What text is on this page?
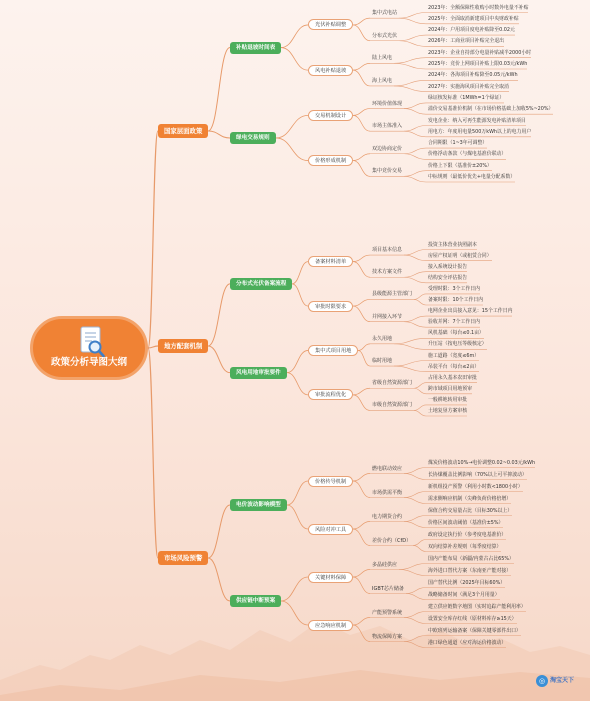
政策分析导图大纲
国家层面政策
2023年：全额保障性收购小时数外电量不补贴
2025年：全面取消新建项目中央财政补贴
集中式电站
2024年：户用项目度电补贴降至0.02元
2026年：工商业项目补贴完全退出
分布式光伏
光伏补贴调整
2023年：企业自持部分电量补贴减半2000小时
2025年：竞价上网项目补贴上限0.03元/kWh
陆上风电
2024年：各海项目补贴降至0.05元/kWh
2027年：实施海风项目补贴完全取消
海上风电
风电补贴退坡
补贴退坡时间表
绿证核发标准（1MWh=1个绿证）
溢价交易基准价机制（在市场价格基础上加收5%~20%）
环境价值体现
发电企业：纳入可再生能源发电补贴清单项目
用电方：年度用电量500万kWh以上的电力用户
市场主体准入
交易机制设计
合同期限（1~3年可调整）
价格浮动条款（与煤电基准价联动）
双边协商定价
价格上下限（基准价±20%）
中标规则（最低价优先+电量分配系数）
集中竞价交易
价格形成机制
绿电交易规则
地方配套机制
投资主体营业执照副本
房屋产权证明（或租赁合同）
项目基本信息
接入系统设计报告
结构安全评估报告
技术方案文件
备案材料清单
受理时限：3个工作日内
备案时限：10个工作日内
县级能源主管部门
电网企业出具接入意见：15个工作日内
验收并网：7个工作日内
并网接入环节
审批时限要求
分布式光伏备案流程
风机基础（每台≤0.1亩）
升压站（按电压等级核定）
永久用地
施工道路（宽度≤6m）
吊装平台（每台≤2亩）
临时用地
集中式项目用地
占用永久基本农田审批
跨市域项目用地预审
省级自然资源部门
一般耕地转用审批
土地复垦方案审核
市级自然资源部门
审批流程优化
风电用地审批要件
市场风险预警
煤炭价格波动10%→电价调整0.02~0.03元/kWh
长协煤覆盖比例影响（70%以上可平抑波动）
燃电联动效应
新机组投产预警（利用小时数<1800小时）
需求侧响应机制（尖峰负荷价格倍增）
市场供需平衡
价格传导机制
保值合约交易量占比（目标30%以上）
价格区间波动阈值（基准价±5%）
电力期货合约
政府设定执行价（参考度电基准价）
双向结算补差规则（每季度结算）
差价合约（CfD）
风险对冲工具
电价波动影响模型
国内产能布局（新疆/内蒙古占比65%）
海外进口替代方案（东南亚产能对接）
多晶硅供应
国产替代比例（2025年目标60%）
战略储备时间（满足3个月用量）
IGBT芯片储备
关键材料保障
建立供应链数字地图（实时追踪产能利用率）
设置安全库存红线（原材料库存≥15天）
产能预警系统
中欧班列运输备案（保障关键零部件出口）
港口绿色通道（应对海运价格波动）
物流保障方案
应急响应机制
供应链中断预案
◎ 淘宝天下
